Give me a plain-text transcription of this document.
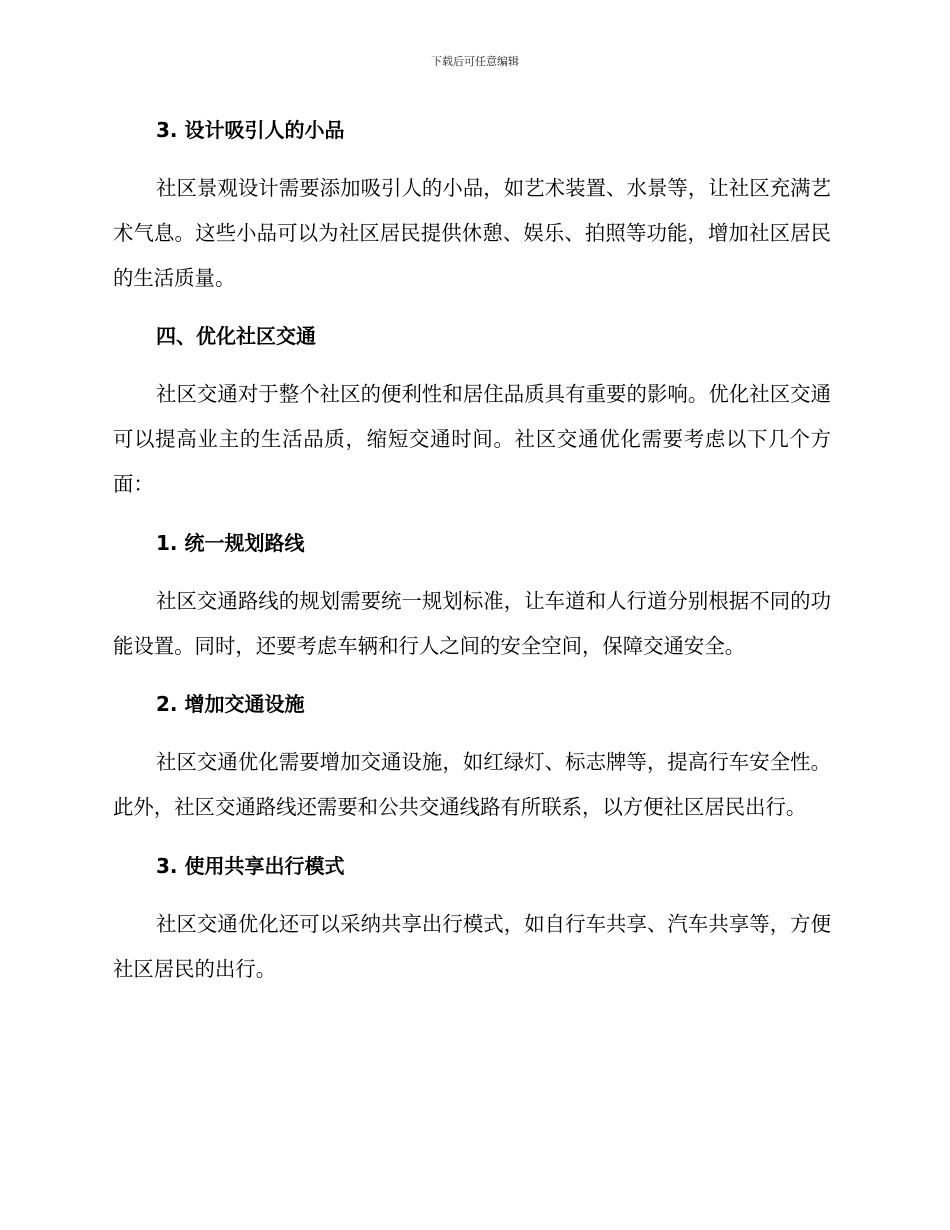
下载后可任意编辑
3. 设计吸引人的小品

社区景观设计需要添加吸引人的小品，如艺术装置、水景等，让社区充满艺术气息。这些小品可以为社区居民提供休憩、娱乐、拍照等功能，增加社区居民的生活质量。

四、优化社区交通

社区交通对于整个社区的便利性和居住品质具有重要的影响。优化社区交通可以提高业主的生活品质，缩短交通时间。社区交通优化需要考虑以下几个方面：

1. 统一规划路线

社区交通路线的规划需要统一规划标准，让车道和人行道分别根据不同的功能设置。同时，还要考虑车辆和行人之间的安全空间，保障交通安全。

2. 增加交通设施

社区交通优化需要增加交通设施，如红绿灯、标志牌等，提高行车安全性。此外，社区交通路线还需要和公共交通线路有所联系，以方便社区居民出行。

3. 使用共享出行模式

社区交通优化还可以采纳共享出行模式，如自行车共享、汽车共享等，方便社区居民的出行。
